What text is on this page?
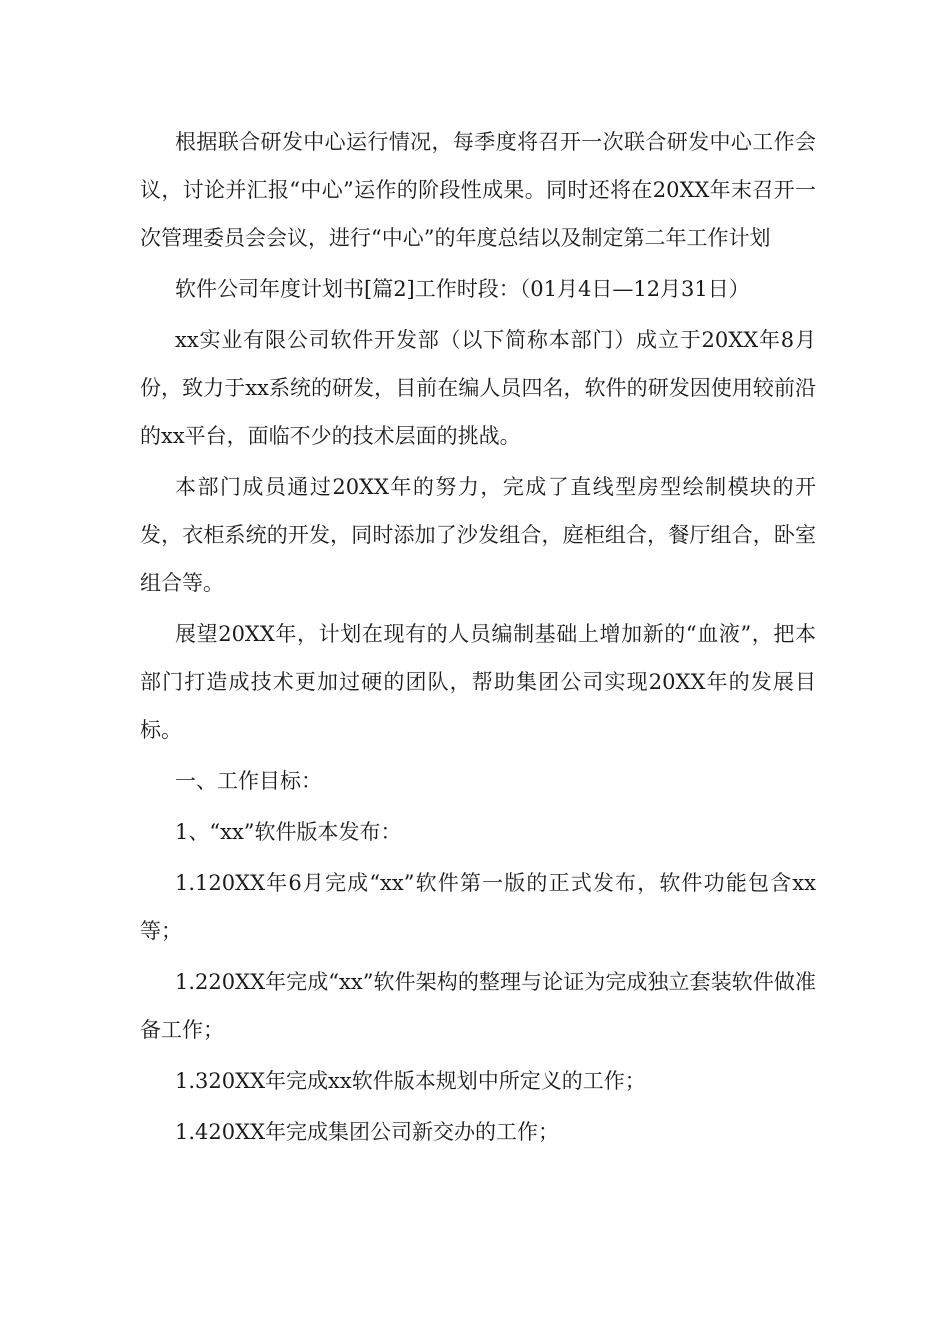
根据联合研发中心运行情况，每季度将召开一次联合研发中心工作会议，讨论并汇报“中心”运作的阶段性成果。同时还将在20XX年末召开一次管理委员会会议，进行“中心”的年度总结以及制定第二年工作计划

软件公司年度计划书[篇2]工作时段：（01月4日—12月31日）

xx实业有限公司软件开发部（以下简称本部门）成立于20XX年8月份，致力于xx系统的研发，目前在编人员四名，软件的研发因使用较前沿的xx平台，面临不少的技术层面的挑战。

本部门成员通过20XX年的努力，完成了直线型房型绘制模块的开发，衣柜系统的开发，同时添加了沙发组合，庭柜组合，餐厅组合，卧室组合等。

展望20XX年，计划在现有的人员编制基础上增加新的“血液”，把本部门打造成技术更加过硬的团队，帮助集团公司实现20XX年的发展目标。

一、工作目标：

1、“xx”软件版本发布：

1.120XX年6月完成“xx”软件第一版的正式发布，软件功能包含xx等；

1.220XX年完成“xx”软件架构的整理与论证为完成独立套装软件做准备工作；

1.320XX年完成xx软件版本规划中所定义的工作；

1.420XX年完成集团公司新交办的工作；
